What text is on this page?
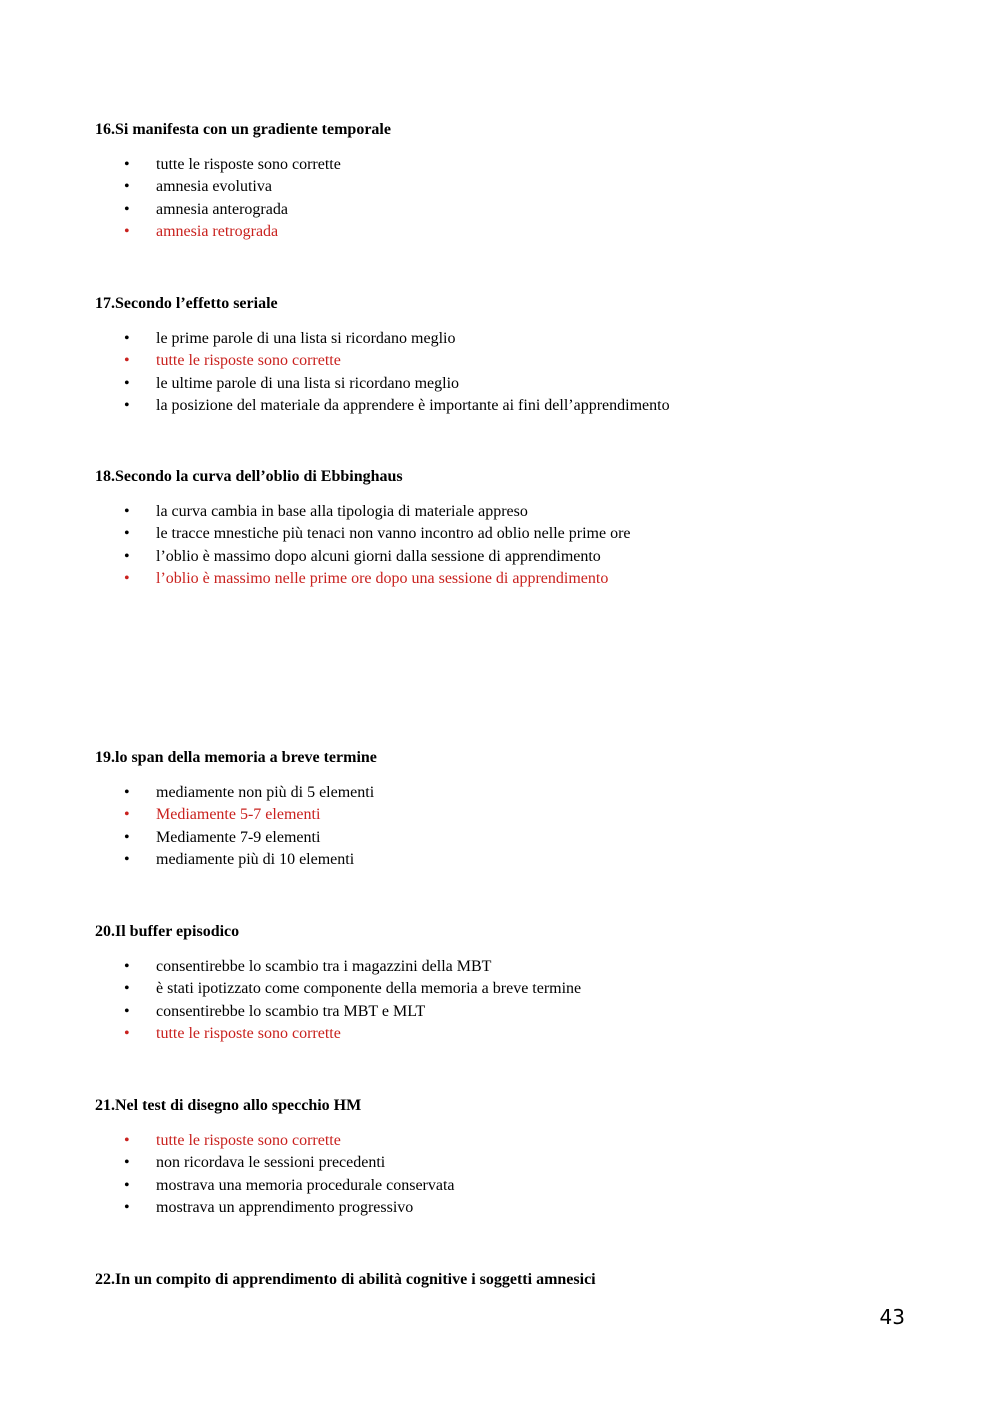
16.Si manifesta con un gradiente temporale

•	tutte le risposte sono corrette
•	amnesia evolutiva
•	amnesia anterograda
•	amnesia retrograda

17.Secondo l’effetto seriale

•	le prime parole di una lista si ricordano meglio
•	tutte le risposte sono corrette
•	le ultime parole di una lista si ricordano meglio
•	la posizione del materiale da apprendere è importante ai fini dell’apprendimento

18.Secondo la curva dell’oblio di Ebbinghaus

•	la curva cambia in base alla tipologia di materiale appreso
•	le tracce mnestiche più tenaci non vanno incontro ad oblio nelle prime ore
•	l’oblio è massimo dopo alcuni giorni dalla sessione di apprendimento
•	l’oblio è massimo nelle prime ore dopo una sessione di apprendimento

19.lo span della memoria a breve termine

•	mediamente non più di 5 elementi
•	Mediamente 5-7 elementi
•	Mediamente 7-9 elementi
•	mediamente più di 10 elementi

20.Il buffer episodico

•	consentirebbe lo scambio tra i magazzini della MBT
•	è stati ipotizzato come componente della memoria a breve termine
•	consentirebbe lo scambio tra MBT e MLT
•	tutte le risposte sono corrette

21.Nel test di disegno allo specchio HM

•	tutte le risposte sono corrette
•	non ricordava le sessioni precedenti
•	mostrava una memoria procedurale conservata
•	mostrava un apprendimento progressivo

22.In un compito di apprendimento di abilità cognitive i soggetti amnesici

43
